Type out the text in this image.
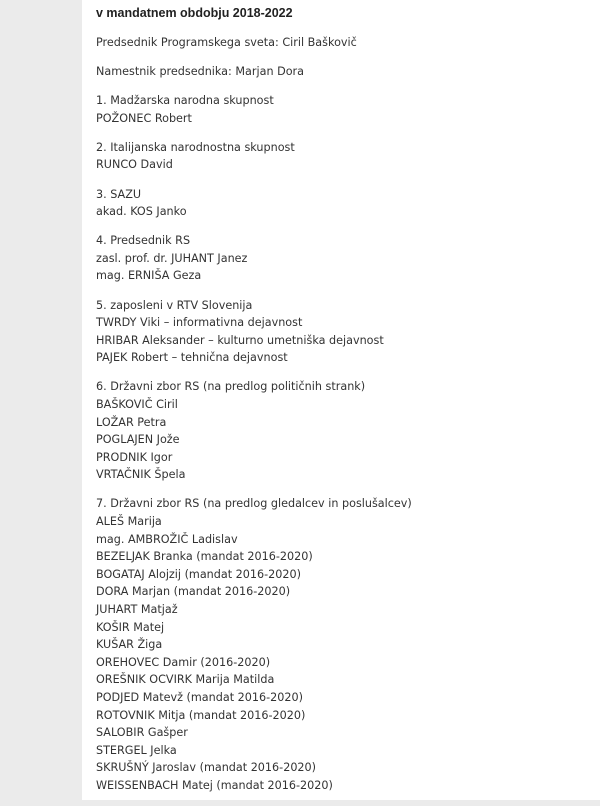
v mandatnem obdobju 2018-2022
Predsednik Programskega sveta: Ciril Baškovič
Namestnik predsednika: Marjan Dora
1. Madžarska narodna skupnost
POŽONEC Robert
2. Italijanska narodnostna skupnost
RUNCO David
3. SAZU
akad. KOS Janko
4. Predsednik RS
zasl. prof. dr. JUHANT Janez
mag. ERNIŠA Geza
5. zaposleni v RTV Slovenija
TWRDY Viki – informativna dejavnost
HRIBAR Aleksander – kulturno umetniška dejavnost
PAJEK Robert – tehnična dejavnost
6. Državni zbor RS (na predlog političnih strank)
BAŠKOVIČ Ciril
LOŽAR Petra
POGLAJEN Jože
PRODNIK Igor
VRTAČNIK Špela
7. Državni zbor RS (na predlog gledalcev in poslušalcev)
ALEŠ Marija
mag. AMBROŽIČ Ladislav
BEZELJAK Branka (mandat 2016-2020)
BOGATAJ Alojzij (mandat 2016-2020)
DORA Marjan (mandat 2016-2020)
JUHART Matjaž
KOŠIR Matej
KUŠAR Žiga
OREHOVEC Damir (2016-2020)
OREŠNIK OCVIRK Marija Matilda
PODJED Matevž (mandat 2016-2020)
ROTOVNIK Mitja (mandat 2016-2020)
SALOBIR Gašper
STERGEL Jelka
SKRUŠNÝ Jaroslav (mandat 2016-2020)
WEISSENBACH Matej (mandat 2016-2020)
